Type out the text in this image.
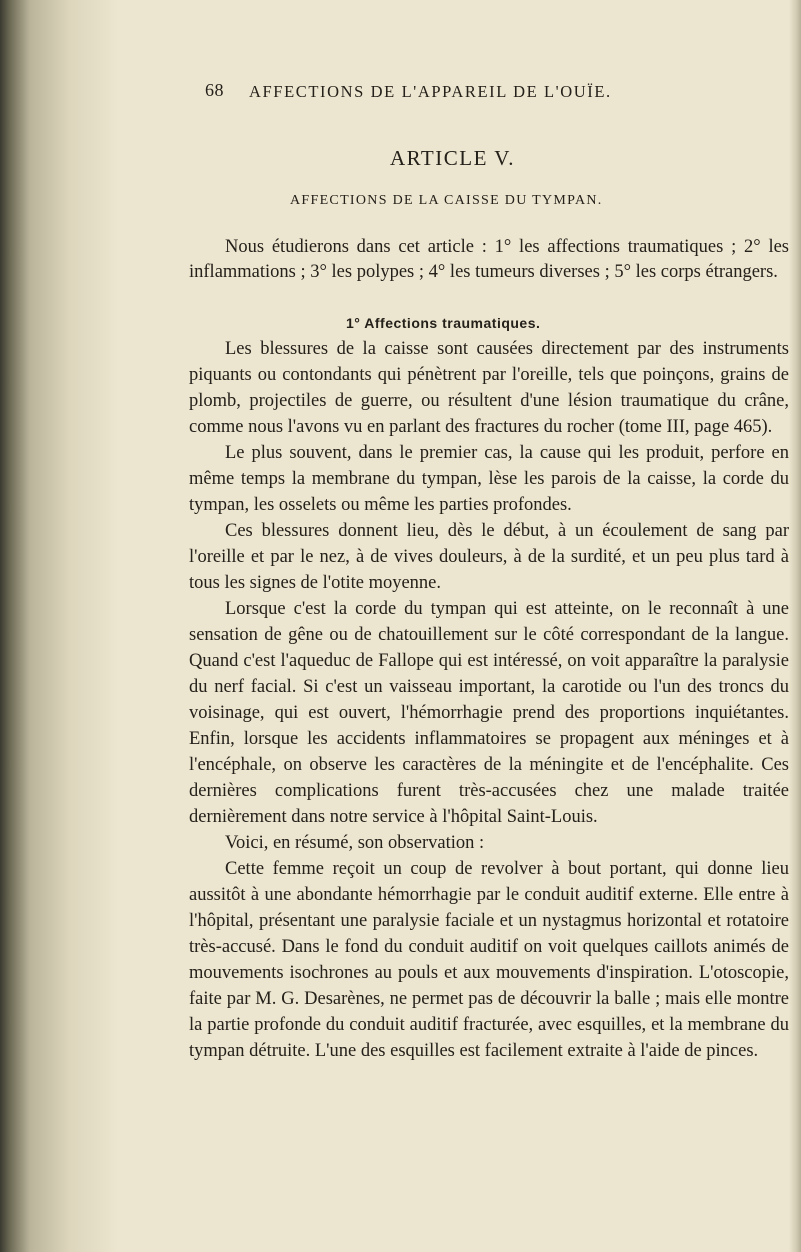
68 AFFECTIONS DE L'APPAREIL DE L'OUÏE.
ARTICLE V.
AFFECTIONS DE LA CAISSE DU TYMPAN.

Nous étudierons dans cet article : 1° les affections traumatiques ; 2° les inflammations ; 3° les polypes ; 4° les tumeurs diverses ; 5° les corps étrangers.

1° Affections traumatiques.

Les blessures de la caisse sont causées directement par des instruments piquants ou contondants qui pénètrent par l'oreille, tels que poinçons, grains de plomb, projectiles de guerre, ou résultent d'une lésion traumatique du crâne, comme nous l'avons vu en parlant des fractures du rocher (tome III, page 465).

Le plus souvent, dans le premier cas, la cause qui les produit, perfore en même temps la membrane du tympan, lèse les parois de la caisse, la corde du tympan, les osselets ou même les parties profondes.

Ces blessures donnent lieu, dès le début, à un écoulement de sang par l'oreille et par le nez, à de vives douleurs, à de la surdité, et un peu plus tard à tous les signes de l'otite moyenne.

Lorsque c'est la corde du tympan qui est atteinte, on le reconnaît à une sensation de gêne ou de chatouillement sur le côté correspondant de la langue. Quand c'est l'aqueduc de Fallope qui est intéressé, on voit apparaître la paralysie du nerf facial. Si c'est un vaisseau important, la carotide ou l'un des troncs du voisinage, qui est ouvert, l'hémorrhagie prend des proportions inquiétantes. Enfin, lorsque les accidents inflammatoires se propagent aux méninges et à l'encéphale, on observe les caractères de la méningite et de l'encéphalite. Ces dernières complications furent très-accusées chez une malade traitée dernièrement dans notre service à l'hôpital Saint-Louis.

Voici, en résumé, son observation :

Cette femme reçoit un coup de revolver à bout portant, qui donne lieu aussitôt à une abondante hémorrhagie par le conduit auditif externe. Elle entre à l'hôpital, présentant une paralysie faciale et un nystagmus horizontal et rotatoire très-accusé. Dans le fond du conduit auditif on voit quelques caillots animés de mouvements isochrones au pouls et aux mouvements d'inspiration. L'otoscopie, faite par M. G. Desarènes, ne permet pas de découvrir la balle ; mais elle montre la partie profonde du conduit auditif fracturée, avec esquilles, et la membrane du tympan détruite. L'une des esquilles est facilement extraite à l'aide de pinces.
